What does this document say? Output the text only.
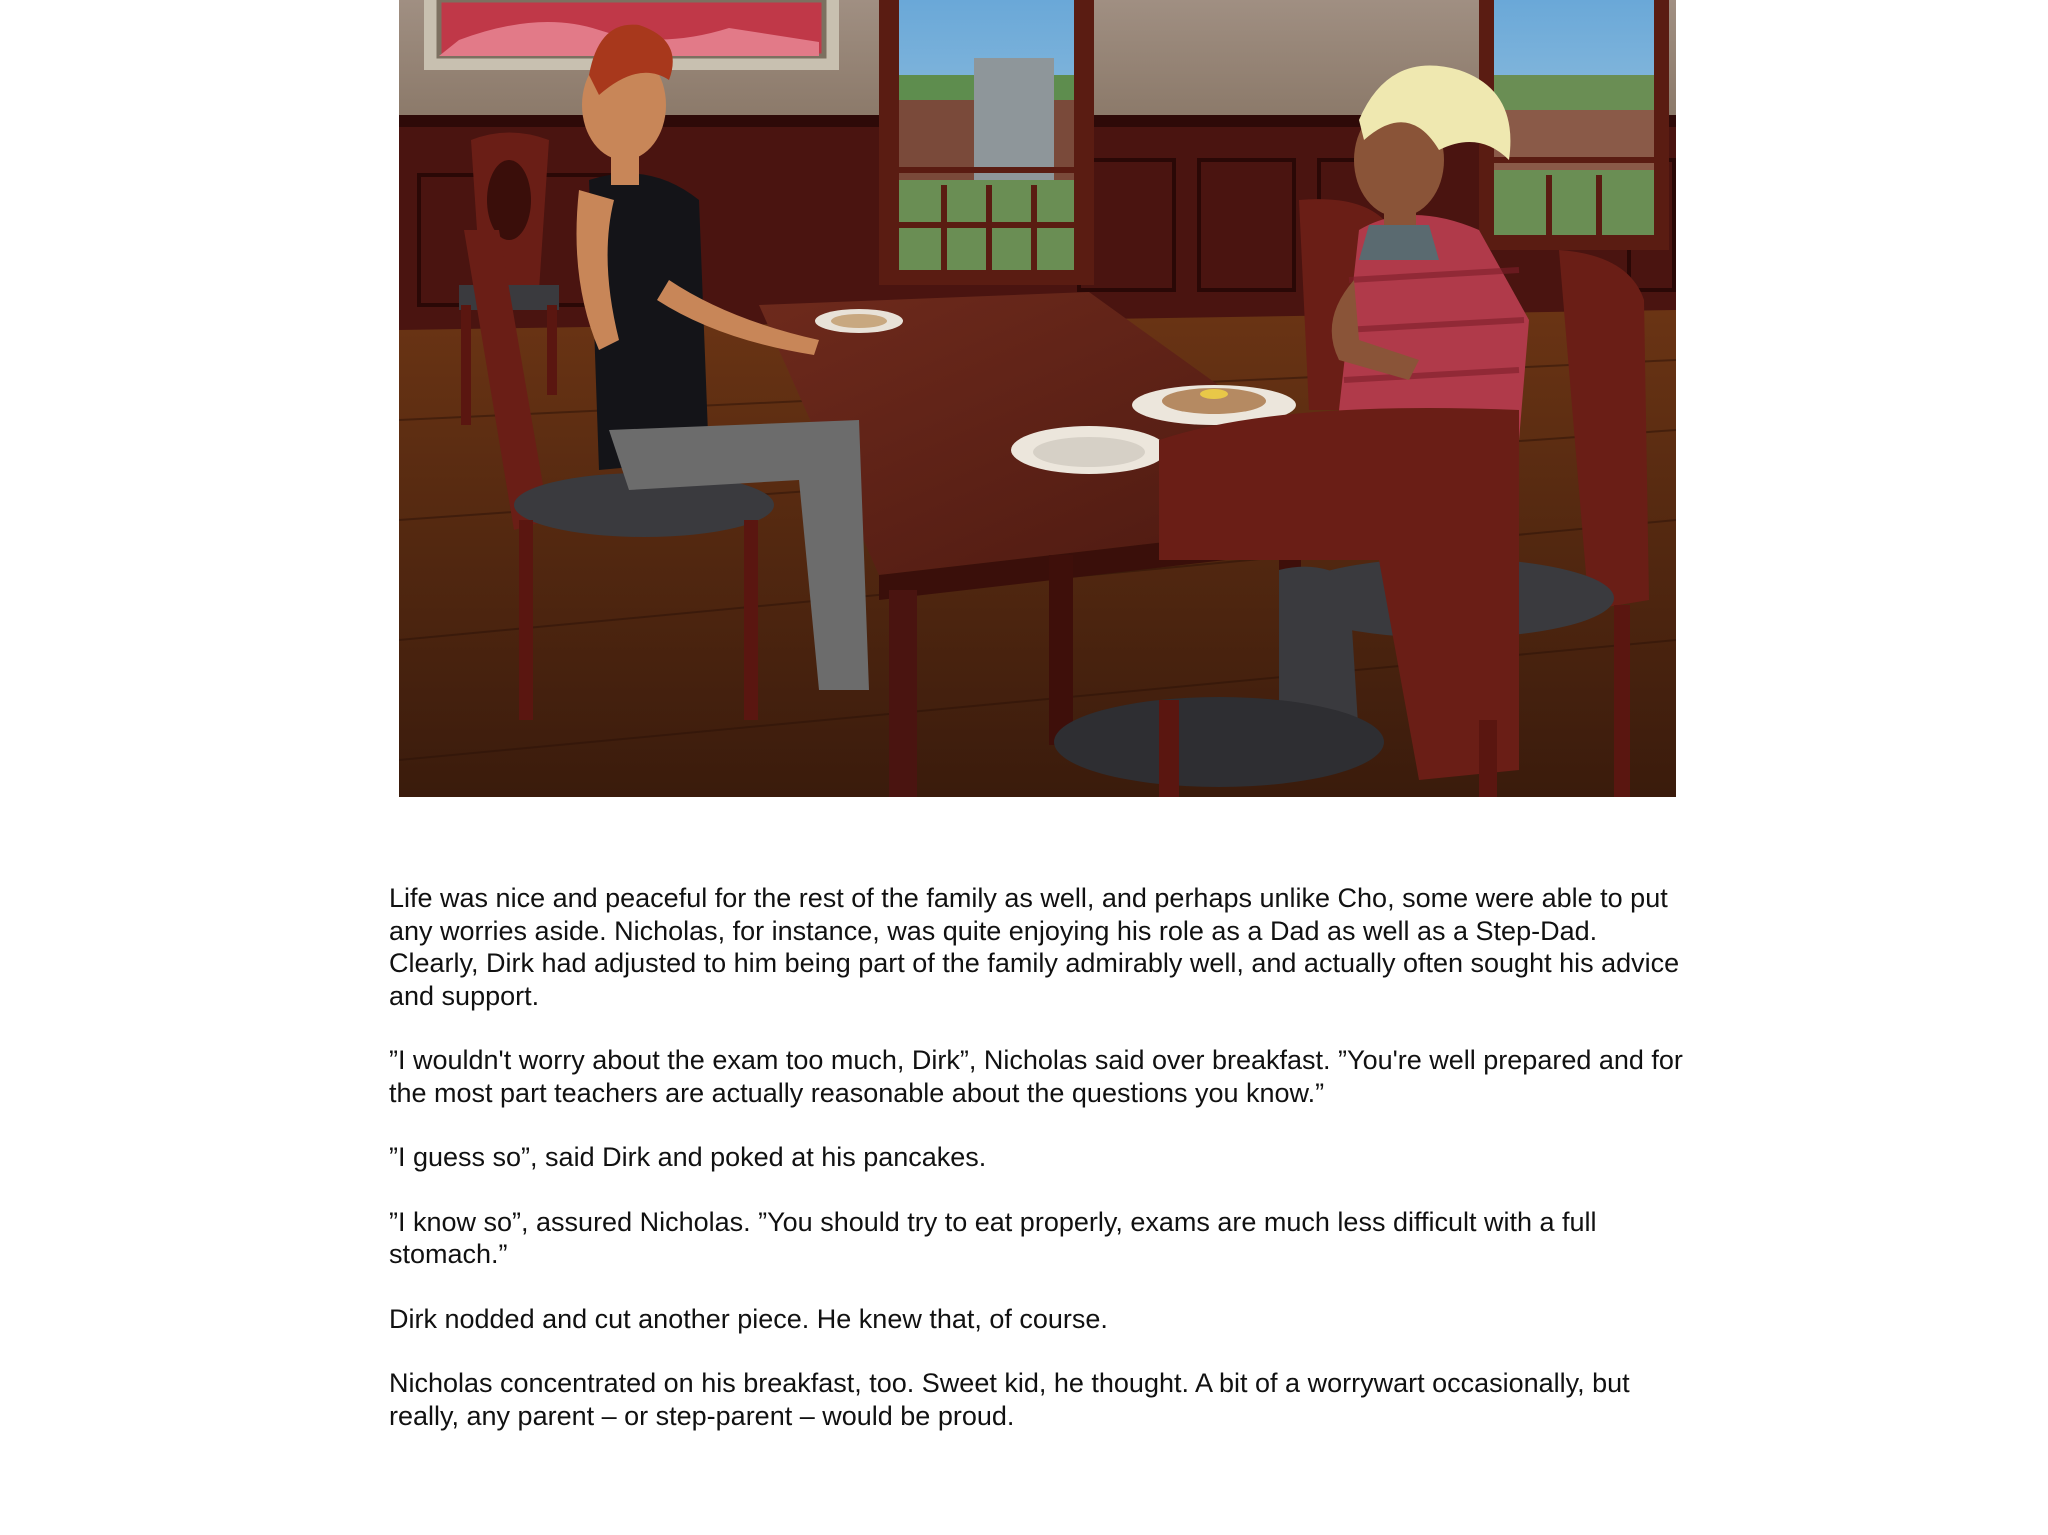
Life was nice and peaceful for the rest of the family as well, and perhaps unlike Cho, some were able to put any worries aside. Nicholas, for instance, was quite enjoying his role as a Dad as well as a Step-Dad. Clearly, Dirk had adjusted to him being part of the family admirably well, and actually often sought his advice and support.

”I wouldn't worry about the exam too much, Dirk”, Nicholas said over breakfast. ”You're well prepared and for the most part teachers are actually reasonable about the questions you know.”

”I guess so”, said Dirk and poked at his pancakes.

”I know so”, assured Nicholas. ”You should try to eat properly, exams are much less difficult with a full stomach.”

Dirk nodded and cut another piece. He knew that, of course.

Nicholas concentrated on his breakfast, too. Sweet kid, he thought. A bit of a worrywart occasionally, but really, any parent – or step-parent – would be proud.
